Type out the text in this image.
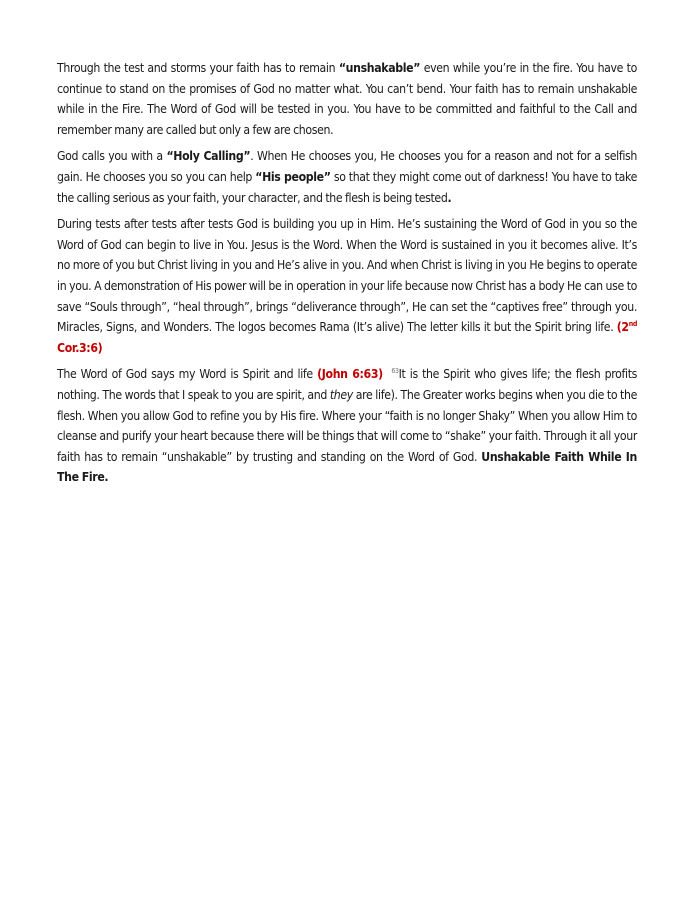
Through the test and storms your faith has to remain “unshakable” even while you’re in the fire. You have to continue to stand on the promises of God no matter what. You can’t bend. Your faith has to remain unshakable while in the Fire. The Word of God will be tested in you. You have to be committed and faithful to the Call and remember many are called but only a few are chosen.

God calls you with a “Holy Calling”. When He chooses you, He chooses you for a reason and not for a selfish gain. He chooses you so you can help “His people” so that they might come out of darkness! You have to take the calling serious as your faith, your character, and the flesh is being tested.

During tests after tests after tests God is building you up in Him. He’s sustaining the Word of God in you so the Word of God can begin to live in You. Jesus is the Word. When the Word is sustained in you it becomes alive. It’s no more of you but Christ living in you and He’s alive in you. And when Christ is living in you He begins to operate in you. A demonstration of His power will be in operation in your life because now Christ has a body He can use to save “Souls through”, “heal through”, brings “deliverance through”, He can set the “captives free” through you. Miracles, Signs, and Wonders. The logos becomes Rama (It’s alive) The letter kills it but the Spirit bring life. (2nd Cor.3:6)

The Word of God says my Word is Spirit and life (John 6:63) $^{63}$It is the Spirit who gives life; the flesh profits nothing. The words that I speak to you are spirit, and they are life). The Greater works begins when you die to the flesh. When you allow God to refine you by His fire. Where your “faith is no longer Shaky” When you allow Him to cleanse and purify your heart because there will be things that will come to “shake” your faith. Through it all your faith has to remain “unshakable” by trusting and standing on the Word of God. Unshakable Faith While In The Fire.
